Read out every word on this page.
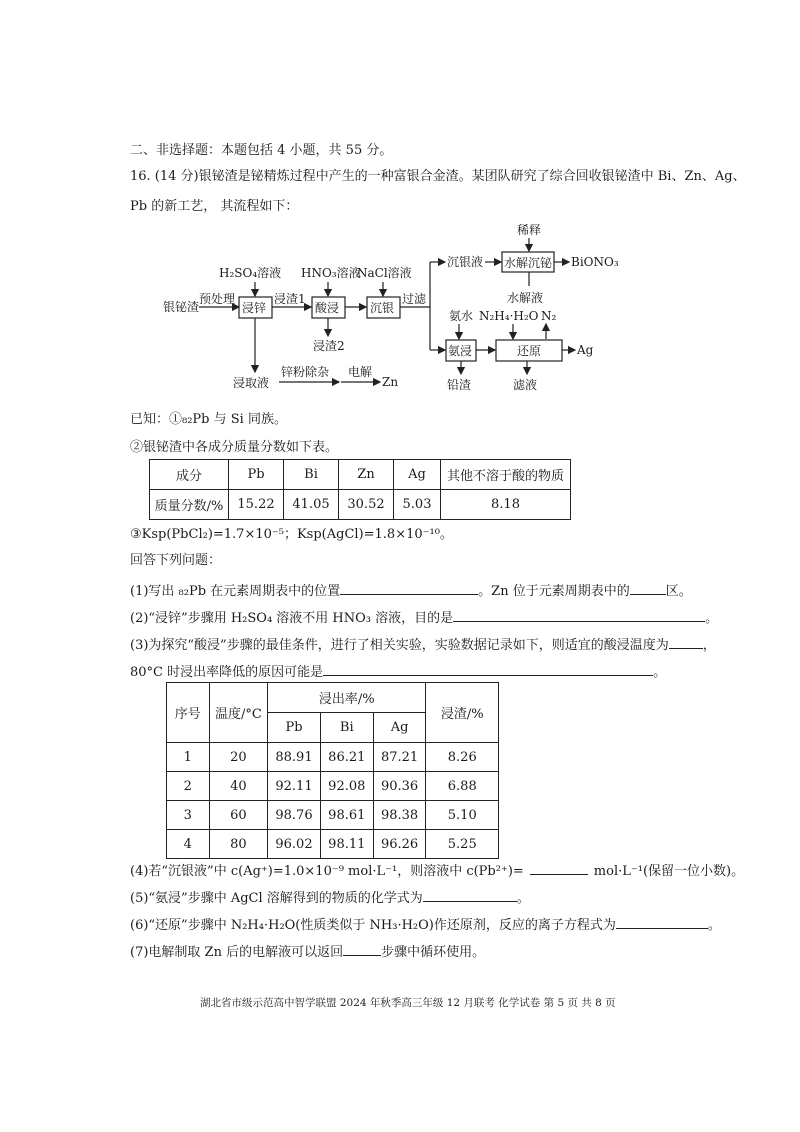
二、非选择题：本题包括 4 小题，共 55 分。
16. (14 分)银铋渣是铋精炼过程中产生的一种富银合金渣。某团队研究了综合回收银铋渣中 Bi、Zn、Ag、
Pb 的新工艺， 其流程如下：
银铋渣
预处理
H₂SO₄溶液
浸锌
浸渣1
HNO₃溶液
酸浸
浸渣2
NaCl溶液
沉银
过滤
沉银液
稀释
水解沉铋 BiONO₃
水解液
氨水
氨浸
铅渣
N₂H₄·H₂O N₂
还原	Ag
滤液
浸取液
锌粉除杂 电解
Zn
已知：①₈₂Pb 与 Si 同族。
②银铋渣中各成分质量分数如下表。
成分	Pb	Bi	Zn	Ag	其他不溶于酸的物质
质量分数/%	15.22	41.05	30.52	5.03	8.18
③Ksp(PbCl₂)=1.7×10⁻⁵；Ksp(AgCl)=1.8×10⁻¹⁰。
回答下列问题：
(1)写出 ₈₂Pb 在元素周期表中的位置	。Zn 位于元素周期表中的	区。
(2)“浸锌”步骤用 H₂SO₄ 溶液不用 HNO₃ 溶液，目的是	。
(3)为探究“酸浸”步骤的最佳条件，进行了相关实验，实验数据记录如下，则适宜的酸浸温度为	，
80°C 时浸出率降低的原因可能是	。
序号	温度/°C	浸出率/%			浸渣/%
		Pb	Bi	Ag	
1	20	88.91	86.21	87.21	8.26
2	40	92.11	92.08	90.36	6.88
3	60	98.76	98.61	98.38	5.10
4	80	96.02	98.11	96.26	5.25
(4)若“沉银液”中 c(Ag⁺)=1.0×10⁻⁹ mol·L⁻¹，则溶液中 c(Pb²⁺)=	mol·L⁻¹(保留一位小数)。
(5)“氨浸”步骤中 AgCl 溶解得到的物质的化学式为	。
(6)“还原”步骤中 N₂H₄·H₂O(性质类似于 NH₃·H₂O)作还原剂，反应的离子方程式为	。
(7)电解制取 Zn 后的电解液可以返回	步骤中循环使用。
湖北省市级示范高中智学联盟 2024 年秋季高三年级 12 月联考 化学试卷 第 5 页 共 8 页
